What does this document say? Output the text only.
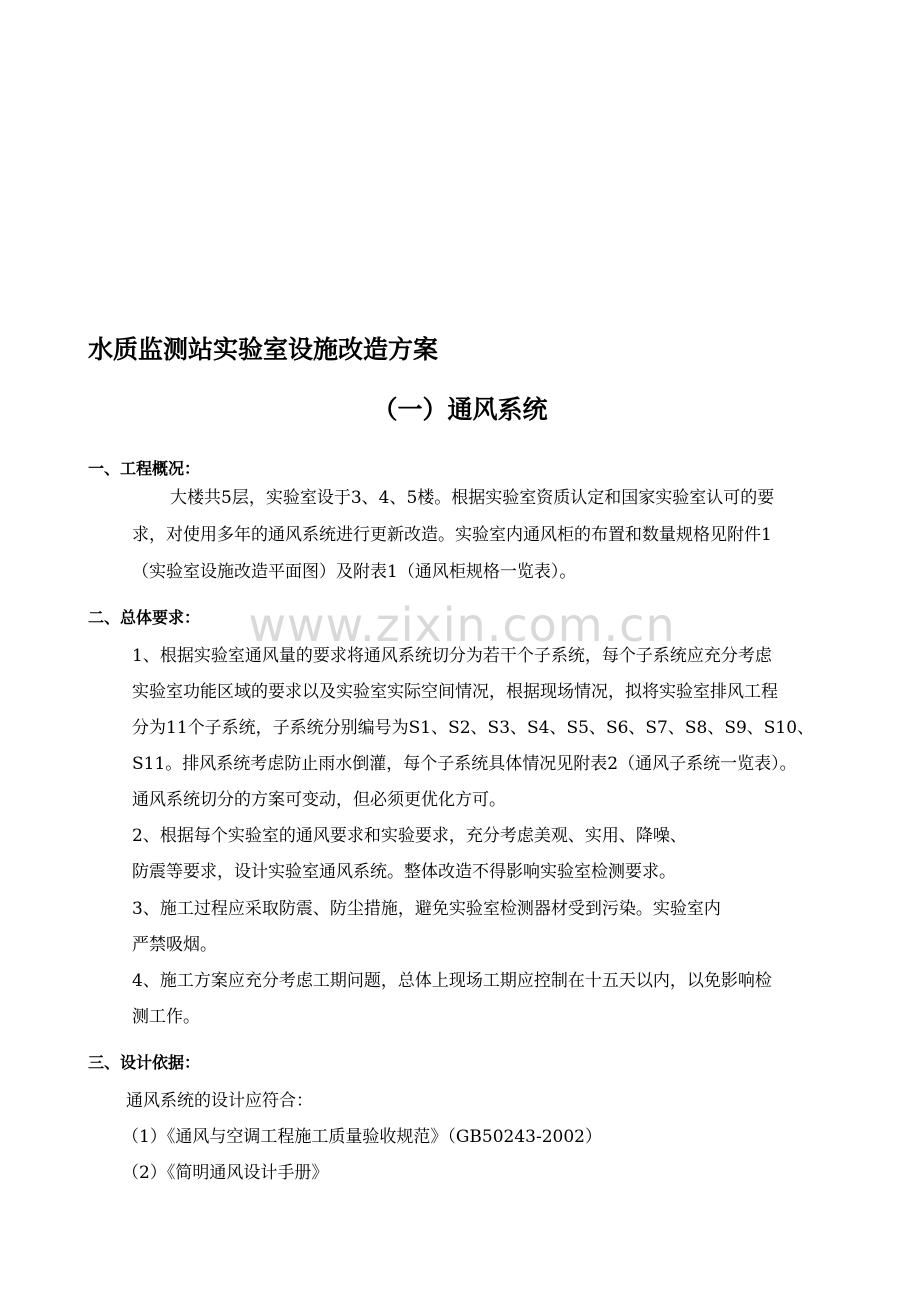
www.zixin.com.cn
水质监测站实验室设施改造方案
（一）通风系统
一、工程概况：
大楼共5层，实验室设于3、4、5楼。根据实验室资质认定和国家实验室认可的要
求，对使用多年的通风系统进行更新改造。实验室内通风柜的布置和数量规格见附件1
（实验室设施改造平面图）及附表1（通风柜规格一览表）。
二、总体要求：
1、根据实验室通风量的要求将通风系统切分为若干个子系统，每个子系统应充分考虑
实验室功能区域的要求以及实验室实际空间情况，根据现场情况，拟将实验室排风工程
分为11个子系统，子系统分别编号为S1、S2、S3、S4、S5、S6、S7、S8、S9、S10、
S11。排风系统考虑防止雨水倒灌，每个子系统具体情况见附表2（通风子系统一览表）。
通风系统切分的方案可变动，但必须更优化方可。
2、根据每个实验室的通风要求和实验要求，充分考虑美观、实用、降噪、
防震等要求，设计实验室通风系统。整体改造不得影响实验室检测要求。
3、施工过程应采取防震、防尘措施，避免实验室检测器材受到污染。实验室内
严禁吸烟。
4、施工方案应充分考虑工期问题，总体上现场工期应控制在十五天以内，以免影响检
测工作。
三、设计依据：
通风系统的设计应符合：
（1）《通风与空调工程施工质量验收规范》（GB50243-2002）
（2）《简明通风设计手册》
